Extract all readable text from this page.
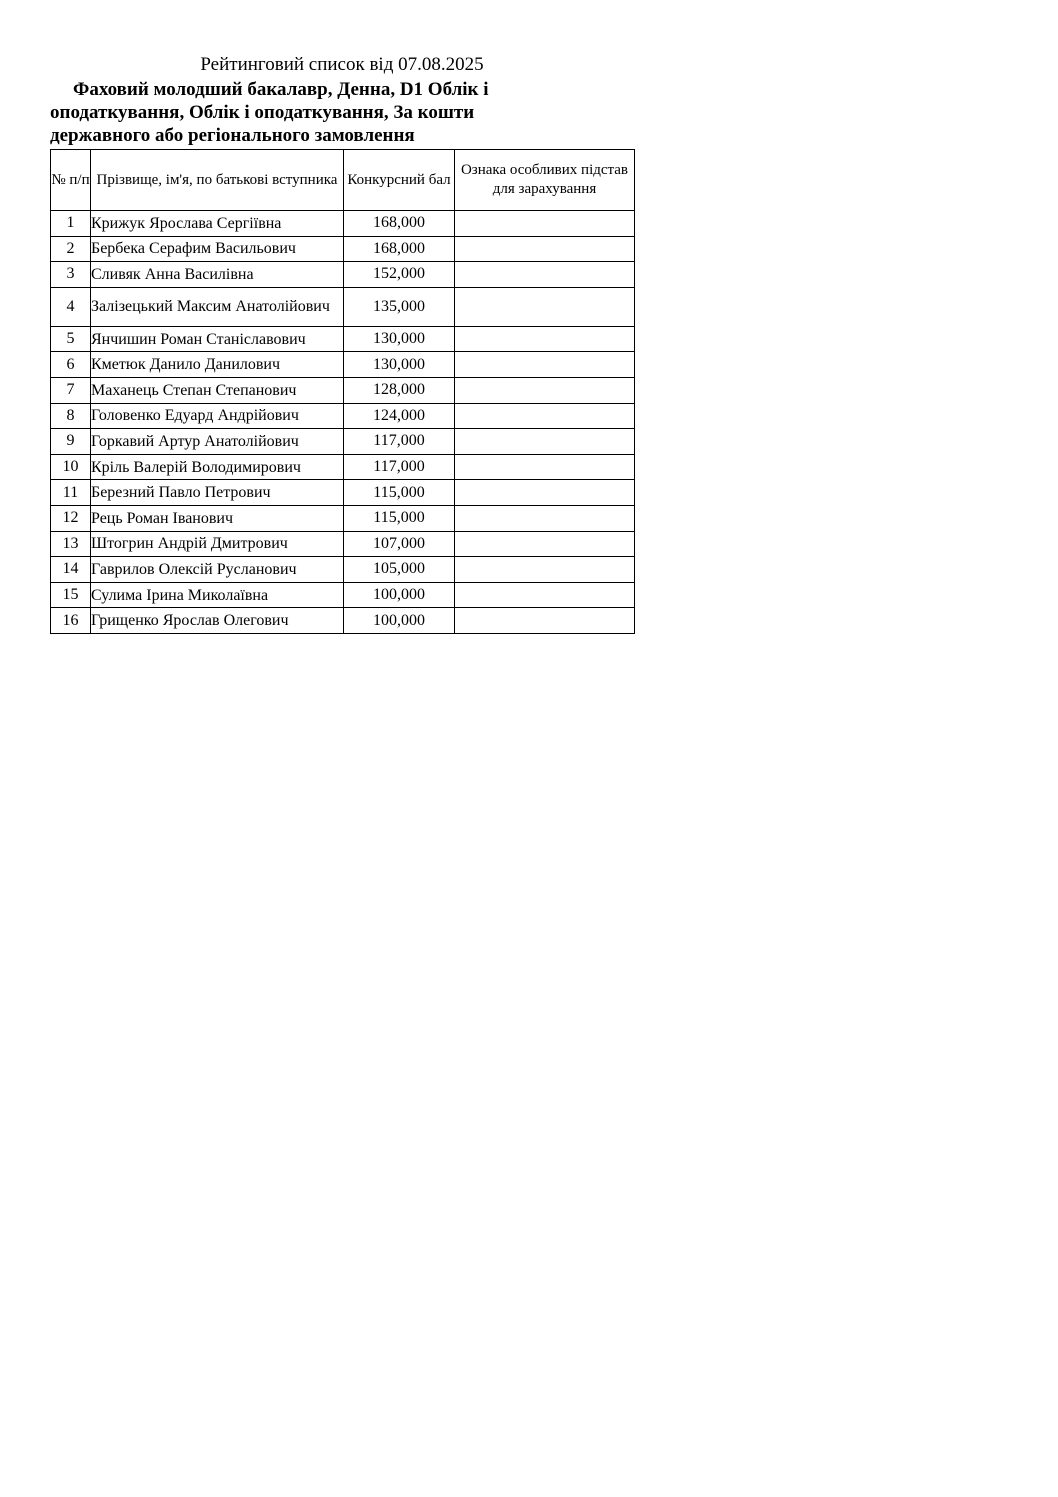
Рейтинговий список від 07.08.2025
Фаховий молодший бакалавр, Денна, D1 Облік і оподаткування, Облік і оподаткування, За кошти державного або регіонального замовлення
№ п/п	Прізвище, ім'я, по батькові вступника	Конкурсний бал	Ознака особливих підстав для зарахування
1	Крижук Ярослава Сергіївна	168,000	
2	Бербека Серафим Васильович	168,000	
3	Сливяк Анна Василівна	152,000	
4	Залізецький Максим Анатолійович	135,000	
5	Янчишин Роман Станіславович	130,000	
6	Кметюк Данило Данилович	130,000	
7	Маханець Степан Степанович	128,000	
8	Головенко Едуард Андрійович	124,000	
9	Горкавий Артур Анатолійович	117,000	
10	Кріль Валерій Володимирович	117,000	
11	Березний Павло Петрович	115,000	
12	Рець Роман Іванович	115,000	
13	Штогрин Андрій Дмитрович	107,000	
14	Гаврилов Олексій Русланович	105,000	
15	Сулима Ірина Миколаївна	100,000	
16	Грищенко Ярослав Олегович	100,000	
